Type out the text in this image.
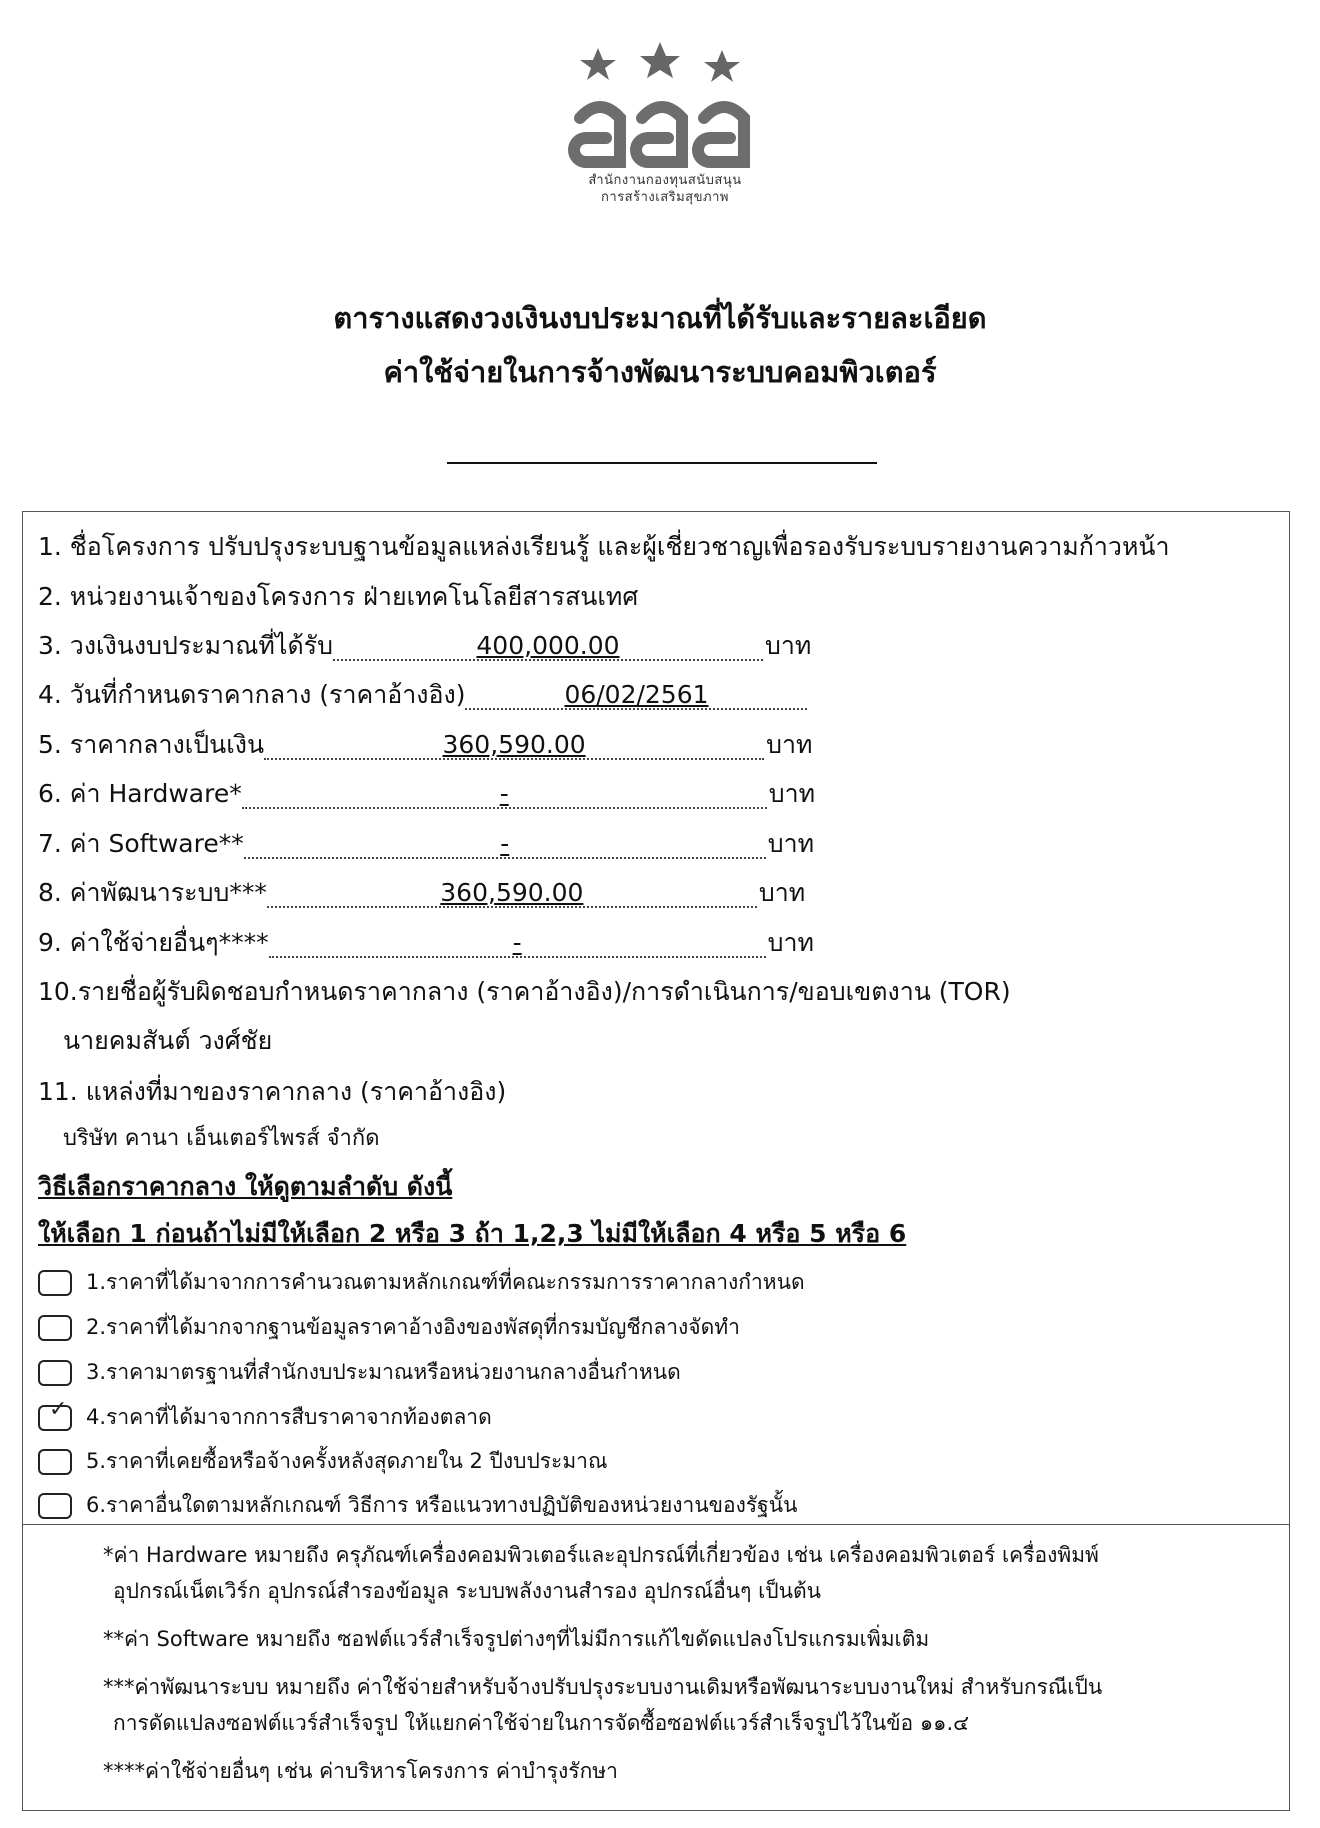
สำนักงานกองทุนสนับสนุน
การสร้างเสริมสุขภาพ
ตารางแสดงวงเงินงบประมาณที่ได้รับและรายละเอียด
ค่าใช้จ่ายในการจ้างพัฒนาระบบคอมพิวเตอร์
1. ชื่อโครงการ ปรับปรุงระบบฐานข้อมูลแหล่งเรียนรู้ และผู้เชี่ยวชาญเพื่อรองรับระบบรายงานความก้าวหน้า
2. หน่วยงานเจ้าของโครงการ ฝ่ายเทคโนโลยีสารสนเทศ
3. วงเงินงบประมาณที่ได้รับ	400,000.00	บาท
4. วันที่กำหนดราคากลาง (ราคาอ้างอิง)	06/02/2561
5. ราคากลางเป็นเงิน	360,590.00	บาท
6. ค่า Hardware*	-	บาท
7. ค่า Software**	-	บาท
8. ค่าพัฒนาระบบ***	360,590.00	บาท
9. ค่าใช้จ่ายอื่นๆ****	-	บาท
10.รายชื่อผู้รับผิดชอบกำหนดราคากลาง (ราคาอ้างอิง)/การดำเนินการ/ขอบเขตงาน (TOR)
นายคมสันต์ วงศ์ชัย
11. แหล่งที่มาของราคากลาง (ราคาอ้างอิง)
บริษัท คานา เอ็นเตอร์ไพรส์ จำกัด
วิธีเลือกราคากลาง ให้ดูตามลำดับ ดังนี้
ให้เลือก 1 ก่อนถ้าไม่มีให้เลือก 2 หรือ 3 ถ้า 1,2,3 ไม่มีให้เลือก 4 หรือ 5 หรือ 6
1.ราคาที่ได้มาจากการคำนวณตามหลักเกณฑ์ที่คณะกรรมการราคากลางกำหนด
2.ราคาที่ได้มากจากฐานข้อมูลราคาอ้างอิงของพัสดุที่กรมบัญชีกลางจัดทำ
3.ราคามาตรฐานที่สำนักงบประมาณหรือหน่วยงานกลางอื่นกำหนด
✓ 4.ราคาที่ได้มาจากการสืบราคาจากท้องตลาด
5.ราคาที่เคยซื้อหรือจ้างครั้งหลังสุดภายใน 2 ปีงบประมาณ
6.ราคาอื่นใดตามหลักเกณฑ์ วิธีการ หรือแนวทางปฏิบัติของหน่วยงานของรัฐนั้น
*ค่า Hardware หมายถึง ครุภัณฑ์เครื่องคอมพิวเตอร์และอุปกรณ์ที่เกี่ยวข้อง เช่น เครื่องคอมพิวเตอร์ เครื่องพิมพ์
อุปกรณ์เน็ตเวิร์ก อุปกรณ์สำรองข้อมูล ระบบพลังงานสำรอง อุปกรณ์อื่นๆ เป็นต้น
**ค่า Software หมายถึง ซอฟต์แวร์สำเร็จรูปต่างๆที่ไม่มีการแก้ไขดัดแปลงโปรแกรมเพิ่มเติม
***ค่าพัฒนาระบบ หมายถึง ค่าใช้จ่ายสำหรับจ้างปรับปรุงระบบงานเดิมหรือพัฒนาระบบงานใหม่ สำหรับกรณีเป็น
การดัดแปลงซอฟต์แวร์สำเร็จรูป ให้แยกค่าใช้จ่ายในการจัดซื้อซอฟต์แวร์สำเร็จรูปไว้ในข้อ ๑๑.๔
****ค่าใช้จ่ายอื่นๆ เช่น ค่าบริหารโครงการ ค่าบำรุงรักษา
